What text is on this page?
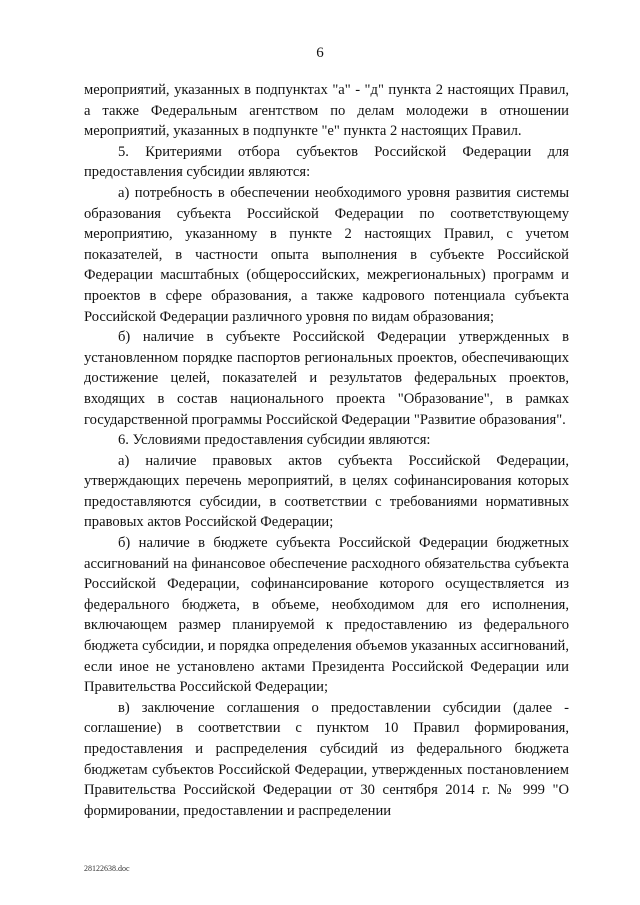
6

мероприятий, указанных в подпунктах "а" - "д" пункта 2 настоящих Правил, а также Федеральным агентством по делам молодежи в отношении мероприятий, указанных в подпункте "е" пункта 2 настоящих Правил.

5. Критериями отбора субъектов Российской Федерации для предоставления субсидии являются:

а) потребность в обеспечении необходимого уровня развития системы образования субъекта Российской Федерации по соответствующему мероприятию, указанному в пункте 2 настоящих Правил, с учетом показателей, в частности опыта выполнения в субъекте Российской Федерации масштабных (общероссийских, межрегиональных) программ и проектов в сфере образования, а также кадрового потенциала субъекта Российской Федерации различного уровня по видам образования;

б) наличие в субъекте Российской Федерации утвержденных в установленном порядке паспортов региональных проектов, обеспечивающих достижение целей, показателей и результатов федеральных проектов, входящих в состав национального проекта "Образование", в рамках государственной программы Российской Федерации "Развитие образования".

6. Условиями предоставления субсидии являются:

а) наличие правовых актов субъекта Российской Федерации, утверждающих перечень мероприятий, в целях софинансирования которых предоставляются субсидии, в соответствии с требованиями нормативных правовых актов Российской Федерации;

б) наличие в бюджете субъекта Российской Федерации бюджетных ассигнований на финансовое обеспечение расходного обязательства субъекта Российской Федерации, софинансирование которого осуществляется из федерального бюджета, в объеме, необходимом для его исполнения, включающем размер планируемой к предоставлению из федерального бюджета субсидии, и порядка определения объемов указанных ассигнований, если иное не установлено актами Президента Российской Федерации или Правительства Российской Федерации;

в) заключение соглашения о предоставлении субсидии (далее - соглашение) в соответствии с пунктом 10 Правил формирования, предоставления и распределения субсидий из федерального бюджета бюджетам субъектов Российской Федерации, утвержденных постановлением Правительства Российской Федерации от 30 сентября 2014 г. № 999 "О формировании, предоставлении и распределении

28122638.doc
